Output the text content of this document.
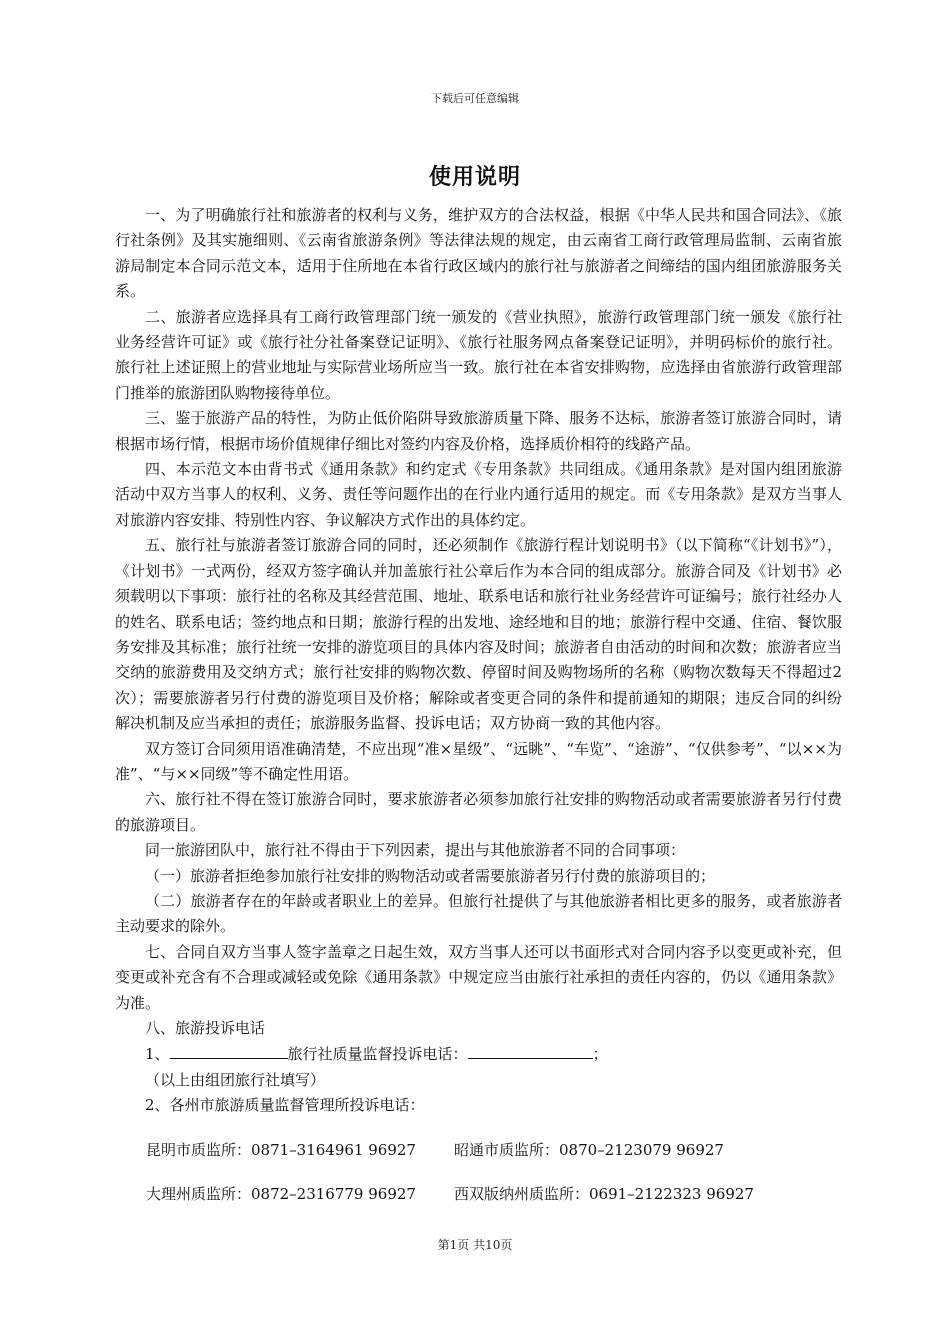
下载后可任意编辑
使用说明

一、为了明确旅行社和旅游者的权利与义务，维护双方的合法权益，根据《中华人民共和国合同法》、《旅行社条例》及其实施细则、《云南省旅游条例》等法律法规的规定，由云南省工商行政管理局监制、云南省旅游局制定本合同示范文本，适用于住所地在本省行政区域内的旅行社与旅游者之间缔结的国内组团旅游服务关系。

二、旅游者应选择具有工商行政管理部门统一颁发的《营业执照》，旅游行政管理部门统一颁发《旅行社业务经营许可证》或《旅行社分社备案登记证明》、《旅行社服务网点备案登记证明》，并明码标价的旅行社。旅行社上述证照上的营业地址与实际营业场所应当一致。旅行社在本省安排购物，应选择由省旅游行政管理部门推举的旅游团队购物接待单位。

三、鉴于旅游产品的特性，为防止低价陷阱导致旅游质量下降、服务不达标，旅游者签订旅游合同时，请根据市场行情，根据市场价值规律仔细比对签约内容及价格，选择质价相符的线路产品。

四、本示范文本由背书式《通用条款》和约定式《专用条款》共同组成。《通用条款》是对国内组团旅游活动中双方当事人的权利、义务、责任等问题作出的在行业内通行适用的规定。而《专用条款》是双方当事人对旅游内容安排、特别性内容、争议解决方式作出的具体约定。

五、旅行社与旅游者签订旅游合同的同时，还必须制作《旅游行程计划说明书》（以下简称“《计划书》”），《计划书》一式两份，经双方签字确认并加盖旅行社公章后作为本合同的组成部分。旅游合同及《计划书》必须载明以下事项：旅行社的名称及其经营范围、地址、联系电话和旅行社业务经营许可证编号；旅行社经办人的姓名、联系电话；签约地点和日期；旅游行程的出发地、途经地和目的地；旅游行程中交通、住宿、餐饮服务安排及其标准；旅行社统一安排的游览项目的具体内容及时间；旅游者自由活动的时间和次数；旅游者应当交纳的旅游费用及交纳方式；旅行社安排的购物次数、停留时间及购物场所的名称（购物次数每天不得超过2次）；需要旅游者另行付费的游览项目及价格；解除或者变更合同的条件和提前通知的期限；违反合同的纠纷解决机制及应当承担的责任；旅游服务监督、投诉电话；双方协商一致的其他内容。

双方签订合同须用语准确清楚，不应出现“准×星级”、“远眺”、“车览”、“途游”、“仅供参考”、“以××为准”、“与××同级”等不确定性用语。

六、旅行社不得在签订旅游合同时，要求旅游者必须参加旅行社安排的购物活动或者需要旅游者另行付费的旅游项目。

同一旅游团队中，旅行社不得由于下列因素，提出与其他旅游者不同的合同事项：

（一）旅游者拒绝参加旅行社安排的购物活动或者需要旅游者另行付费的旅游项目的；

（二）旅游者存在的年龄或者职业上的差异。但旅行社提供了与其他旅游者相比更多的服务，或者旅游者主动要求的除外。

七、合同自双方当事人签字盖章之日起生效，双方当事人还可以书面形式对合同内容予以变更或补充，但变更或补充含有不合理或减轻或免除《通用条款》中规定应当由旅行社承担的责任内容的，仍以《通用条款》为准。

八、旅游投诉电话

1、	旅行社质量监督投诉电话：	；

（以上由组团旅行社填写）

2、各州市旅游质量监督管理所投诉电话：

昆明市质监所：0871–3164961 96927	昭通市质监所：0870–2123079 96927
大理州质监所：0872–2316779 96927	西双版纳州质监所：0691–2122323 96927
第1页 共10页
